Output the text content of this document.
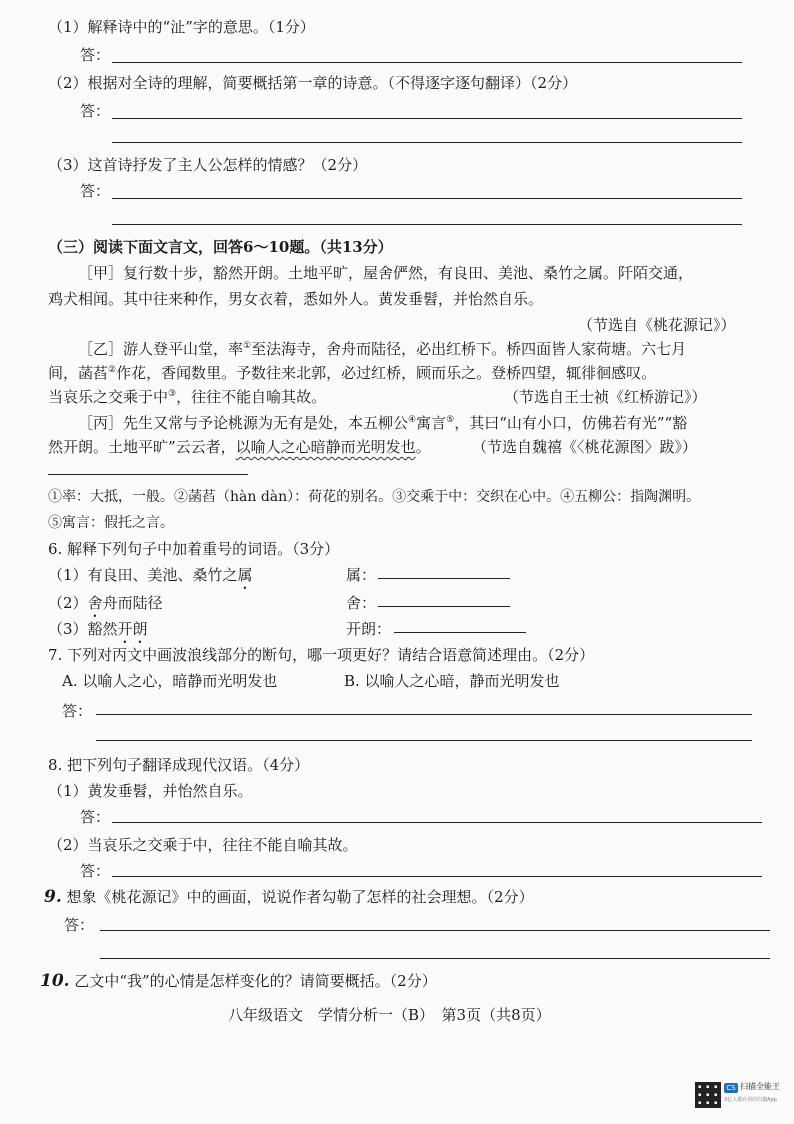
（1）解释诗中的“沚”字的意思。（1分）
答：
（2）根据对全诗的理解，简要概括第一章的诗意。（不得逐字逐句翻译）（2分）
答：
（3）这首诗抒发了主人公怎样的情感？（2分）
答：
（三）阅读下面文言文，回答6～10题。（共13分）
［甲］复行数十步，豁然开朗。土地平旷，屋舍俨然，有良田、美池、桑竹之属。阡陌交通，
鸡犬相闻。其中往来种作，男女衣着，悉如外人。黄发垂髫，并怡然自乐。
（节选自《桃花源记》）
［乙］游人登平山堂，率①至法海寺，舍舟而陆径，必出红桥下。桥四面皆人家荷塘。六七月
间，菡萏②作花，香闻数里。予数往来北郭，必过红桥，顾而乐之。登桥四望，辄徘徊感叹。
当哀乐之交乘于中③，往往不能自喻其故。	（节选自王士祯《红桥游记》）
［丙］先生又常与予论桃源为无有是处，本五柳公④寓言⑤，其曰“山有小口，仿佛若有光”“豁
然开朗。土地平旷”云云者，以喻人之心暗静而光明发也。	（节选自魏禧《〈桃花源图〉跋》）
①率：大抵，一般。②菡萏（hàn dàn）：荷花的别名。③交乘于中：交织在心中。④五柳公：指陶渊明。
⑤寓言：假托之言。
6. 解释下列句子中加着重号的词语。（3分）
（1）有良田、美池、桑竹之属	属：
（2）舍舟而陆径	舍：
（3）豁然开朗	开朗：
7. 下列对丙文中画波浪线部分的断句，哪一项更好？请结合语意简述理由。（2分）
A. 以喻人之心，暗静而光明发也	B. 以喻人之心暗，静而光明发也
答：
8. 把下列句子翻译成现代汉语。（4分）
（1）黄发垂髫，并怡然自乐。
答：
（2）当哀乐之交乘于中，往往不能自喻其故。
答：
9. 想象《桃花源记》中的画面，说说作者勾勒了怎样的社会理想。（2分）
答：
10. 乙文中“我”的心情是怎样变化的？请简要概括。（2分）
八年级语文　学情分析一（B）　第3页（共8页）
CS 扫描全能王
3亿人都在用的扫描App
